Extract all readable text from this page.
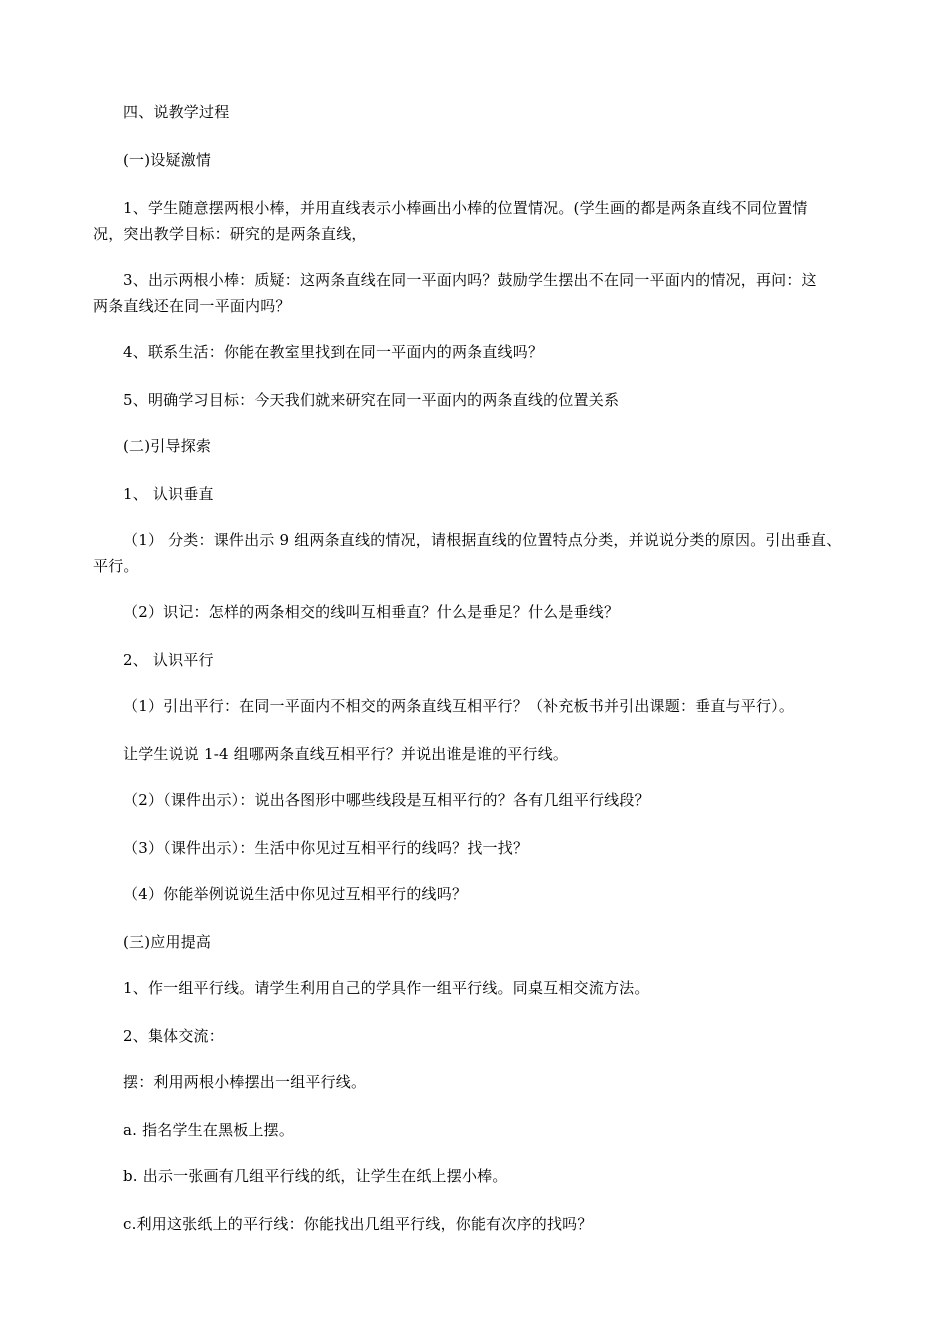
四、说教学过程
(一)设疑激情
1、学生随意摆两根小棒，并用直线表示小棒画出小棒的位置情况。(学生画的都是两条直线不同位置情
况，突出教学目标：研究的是两条直线，
3、出示两根小棒：质疑：这两条直线在同一平面内吗？鼓励学生摆出不在同一平面内的情况，再问：这
两条直线还在同一平面内吗？
4、联系生活：你能在教室里找到在同一平面内的两条直线吗？
5、明确学习目标：今天我们就来研究在同一平面内的两条直线的位置关系
(二)引导探索
1、 认识垂直
（1） 分类：课件出示 9 组两条直线的情况，请根据直线的位置特点分类，并说说分类的原因。引出垂直、
平行。
（2）识记：怎样的两条相交的线叫互相垂直？什么是垂足？什么是垂线？
2、 认识平行
（1）引出平行：在同一平面内不相交的两条直线互相平行？（补充板书并引出课题：垂直与平行）。
让学生说说 1-4 组哪两条直线互相平行？并说出谁是谁的平行线。
（2）（课件出示）：说出各图形中哪些线段是互相平行的？各有几组平行线段？
（3）（课件出示）：生活中你见过互相平行的线吗？找一找？
（4）你能举例说说生活中你见过互相平行的线吗？
(三)应用提高
1、作一组平行线。请学生利用自己的学具作一组平行线。同桌互相交流方法。
2、集体交流：
摆：利用两根小棒摆出一组平行线。
a. 指名学生在黑板上摆。
b. 出示一张画有几组平行线的纸，让学生在纸上摆小棒。
c.利用这张纸上的平行线：你能找出几组平行线，你能有次序的找吗？
